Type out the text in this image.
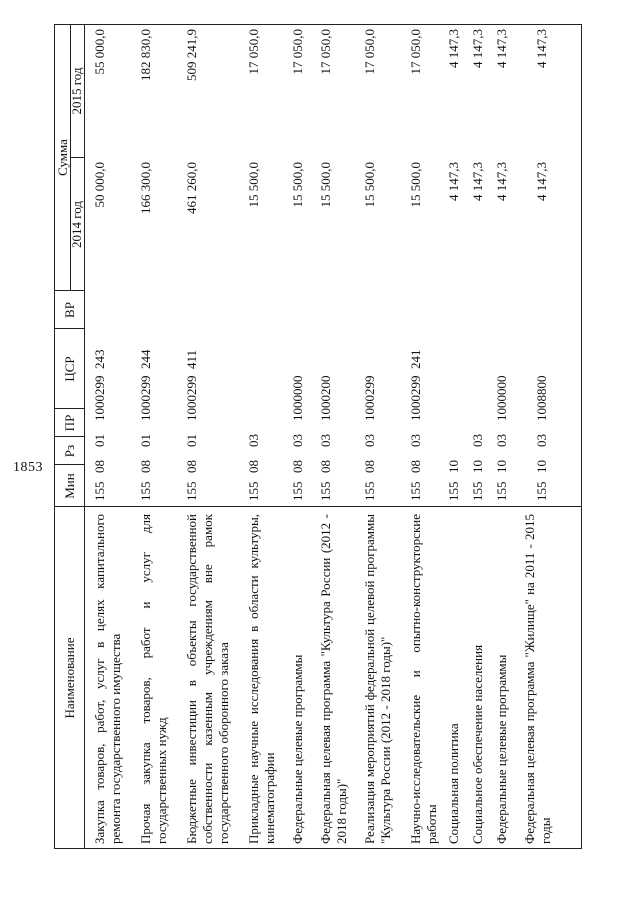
1853
Наименование
Мин
Рз
ПР
ЦСР
ВР
Сумма
2014 год
2015 год
Закупка товаров, работ, услуг в целях капитального ремонта государственного имущества
155
08
01
1000299
243
50 000,0
55 000,0
Прочая закупка товаров, работ и услуг для государственных нужд
155
08
01
1000299
244
166 300,0
182 830,0
Бюджетные инвестиции в объекты государственной собственности казенным учреждениям вне рамок государственного оборонного заказа
155
08
01
1000299
411
461 260,0
509 241,9
Прикладные научные исследования в области культуры, кинематографии
155
08
03
15 500,0
17 050,0
Федеральные целевые программы
155
08
03
1000000
15 500,0
17 050,0
Федеральная целевая программа "Культура России (2012 - 2018 годы)"
155
08
03
1000200
15 500,0
17 050,0
Реализация мероприятий федеральной целевой программы "Культура России (2012 - 2018 годы)"
155
08
03
1000299
15 500,0
17 050,0
Научно-исследовательские и опытно-конструкторские работы
155
08
03
1000299
241
15 500,0
17 050,0
Социальная политика
155
10
4 147,3
4 147,3
Социальное обеспечение населения
155
10
03
4 147,3
4 147,3
Федеральные целевые программы
155
10
03
1000000
4 147,3
4 147,3
Федеральная целевая программа "Жилище" на 2011 - 2015 годы
155
10
03
1008800
4 147,3
4 147,3
